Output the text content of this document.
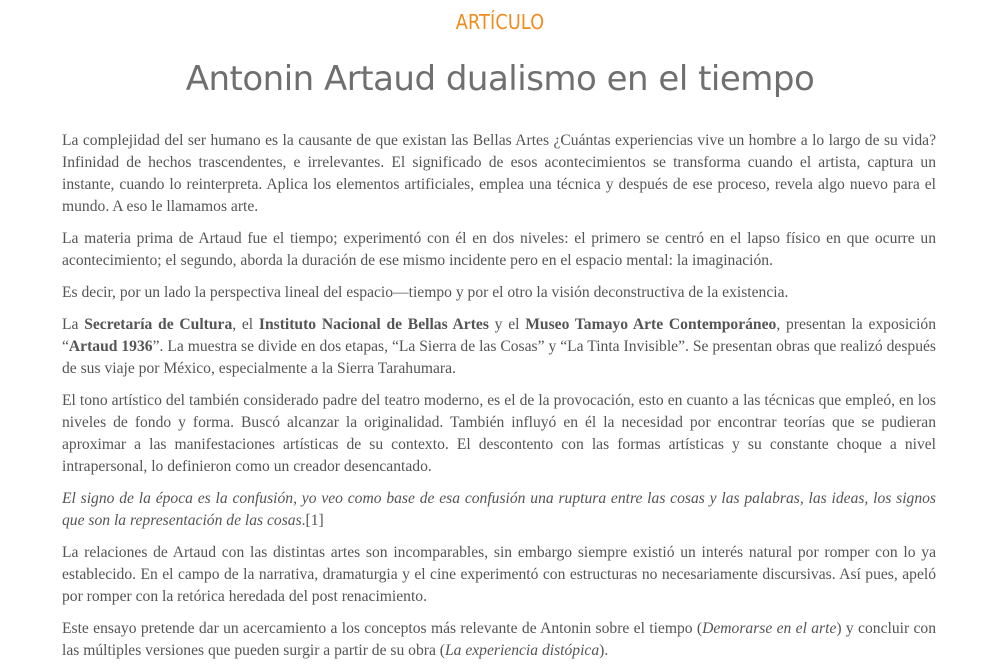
ARTÍCULO
Antonin Artaud dualismo en el tiempo

La complejidad del ser humano es la causante de que existan las Bellas Artes ¿Cuántas experiencias vive un hombre a lo largo de su vida? Infinidad de hechos trascendentes, e irrelevantes. El significado de esos acontecimientos se transforma cuando el artista, captura un instante, cuando lo reinterpreta. Aplica los elementos artificiales, emplea una técnica y después de ese proceso, revela algo nuevo para el mundo. A eso le llamamos arte.

La materia prima de Artaud fue el tiempo; experimentó con él en dos niveles: el primero se centró en el lapso físico en que ocurre un acontecimiento; el segundo, aborda la duración de ese mismo incidente pero en el espacio mental: la imaginación.

Es decir, por un lado la perspectiva lineal del espacio—tiempo y por el otro la visión deconstructiva de la existencia.

La Secretaría de Cultura, el Instituto Nacional de Bellas Artes y el Museo Tamayo Arte Contemporáneo, presentan la exposición “Artaud 1936”. La muestra se divide en dos etapas, “La Sierra de las Cosas” y “La Tinta Invisible”. Se presentan obras que realizó después de sus viaje por México, especialmente a la Sierra Tarahumara.

El tono artístico del también considerado padre del teatro moderno, es el de la provocación, esto en cuanto a las técnicas que empleó, en los niveles de fondo y forma. Buscó alcanzar la originalidad. También influyó en él la necesidad por encontrar teorías que se pudieran aproximar a las manifestaciones artísticas de su contexto. El descontento con las formas artísticas y su constante choque a nivel intrapersonal, lo definieron como un creador desencantado.

El signo de la época es la confusión, yo veo como base de esa confusión una ruptura entre las cosas y las palabras, las ideas, los signos que son la representación de las cosas.[1]

La relaciones de Artaud con las distintas artes son incomparables, sin embargo siempre existió un interés natural por romper con lo ya establecido. En el campo de la narrativa, dramaturgia y el cine experimentó con estructuras no necesariamente discursivas. Así pues, apeló por romper con la retórica heredada del post renacimiento.

Este ensayo pretende dar un acercamiento a los conceptos más relevante de Antonin sobre el tiempo (Demorarse en el arte) y concluir con las múltiples versiones que pueden surgir a partir de su obra (La experiencia distópica).
